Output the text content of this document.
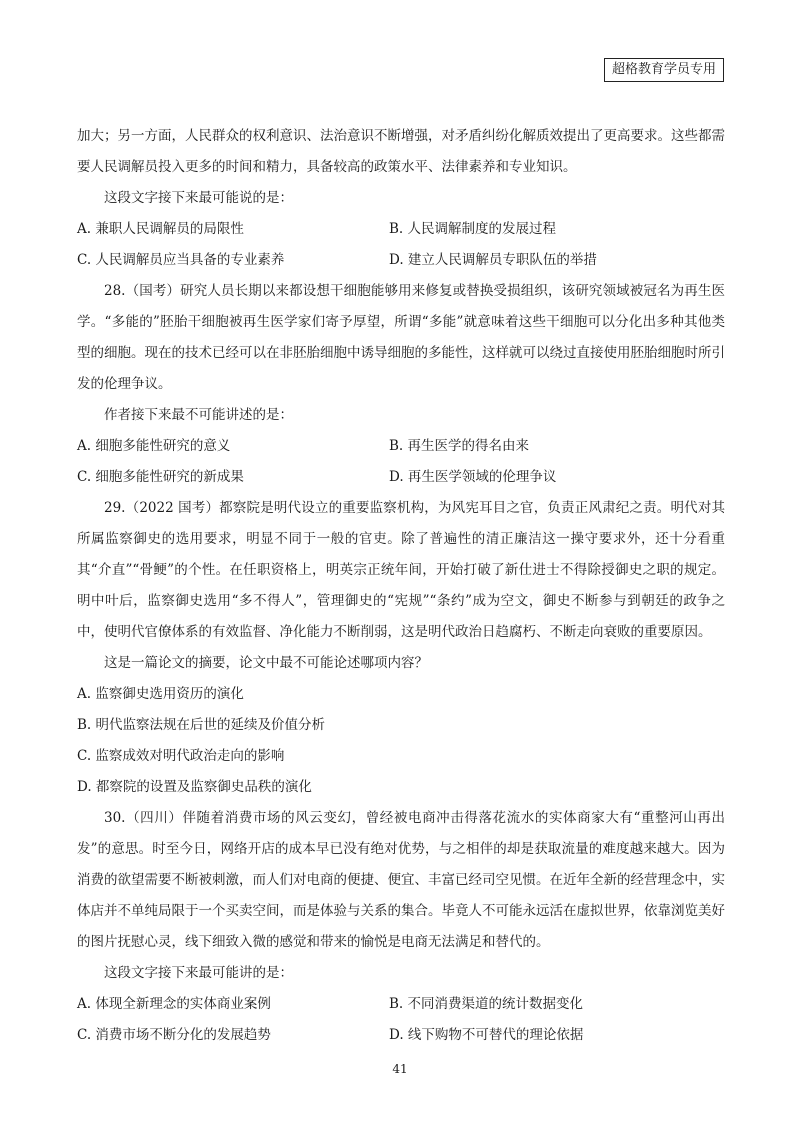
超格教育学员专用

加大；另一方面，人民群众的权利意识、法治意识不断增强，对矛盾纠纷化解质效提出了更高要求。这些都需要人民调解员投入更多的时间和精力，具备较高的政策水平、法律素养和专业知识。

这段文字接下来最可能说的是：

A. 兼职人民调解员的局限性	B. 人民调解制度的发展过程
C. 人民调解员应当具备的专业素养	D. 建立人民调解员专职队伍的举措

28.（国考）研究人员长期以来都设想干细胞能够用来修复或替换受损组织，该研究领域被冠名为再生医学。“多能的”胚胎干细胞被再生医学家们寄予厚望，所谓“多能”就意味着这些干细胞可以分化出多种其他类型的细胞。现在的技术已经可以在非胚胎细胞中诱导细胞的多能性，这样就可以绕过直接使用胚胎细胞时所引发的伦理争议。

作者接下来最不可能讲述的是：

A. 细胞多能性研究的意义	B. 再生医学的得名由来
C. 细胞多能性研究的新成果	D. 再生医学领域的伦理争议

29.（2022 国考）都察院是明代设立的重要监察机构，为风宪耳目之官，负责正风肃纪之责。明代对其所属监察御史的选用要求，明显不同于一般的官吏。除了普遍性的清正廉洁这一操守要求外，还十分看重其“介直”“骨鲠”的个性。在任职资格上，明英宗正统年间，开始打破了新仕进士不得除授御史之职的规定。明中叶后，监察御史选用“多不得人”，管理御史的“宪规”“条约”成为空文，御史不断参与到朝廷的政争之中，使明代官僚体系的有效监督、净化能力不断削弱，这是明代政治日趋腐朽、不断走向衰败的重要原因。

这是一篇论文的摘要，论文中最不可能论述哪项内容？

A. 监察御史选用资历的演化
B. 明代监察法规在后世的延续及价值分析
C. 监察成效对明代政治走向的影响
D. 都察院的设置及监察御史品秩的演化

30.（四川）伴随着消费市场的风云变幻，曾经被电商冲击得落花流水的实体商家大有“重整河山再出发”的意思。时至今日，网络开店的成本早已没有绝对优势，与之相伴的却是获取流量的难度越来越大。因为消费的欲望需要不断被刺激，而人们对电商的便捷、便宜、丰富已经司空见惯。在近年全新的经营理念中，实体店并不单纯局限于一个买卖空间，而是体验与关系的集合。毕竟人不可能永远活在虚拟世界，依靠浏览美好的图片抚慰心灵，线下细致入微的感觉和带来的愉悦是电商无法满足和替代的。

这段文字接下来最可能讲的是：

A. 体现全新理念的实体商业案例	B. 不同消费渠道的统计数据变化
C. 消费市场不断分化的发展趋势	D. 线下购物不可替代的理论依据
41
